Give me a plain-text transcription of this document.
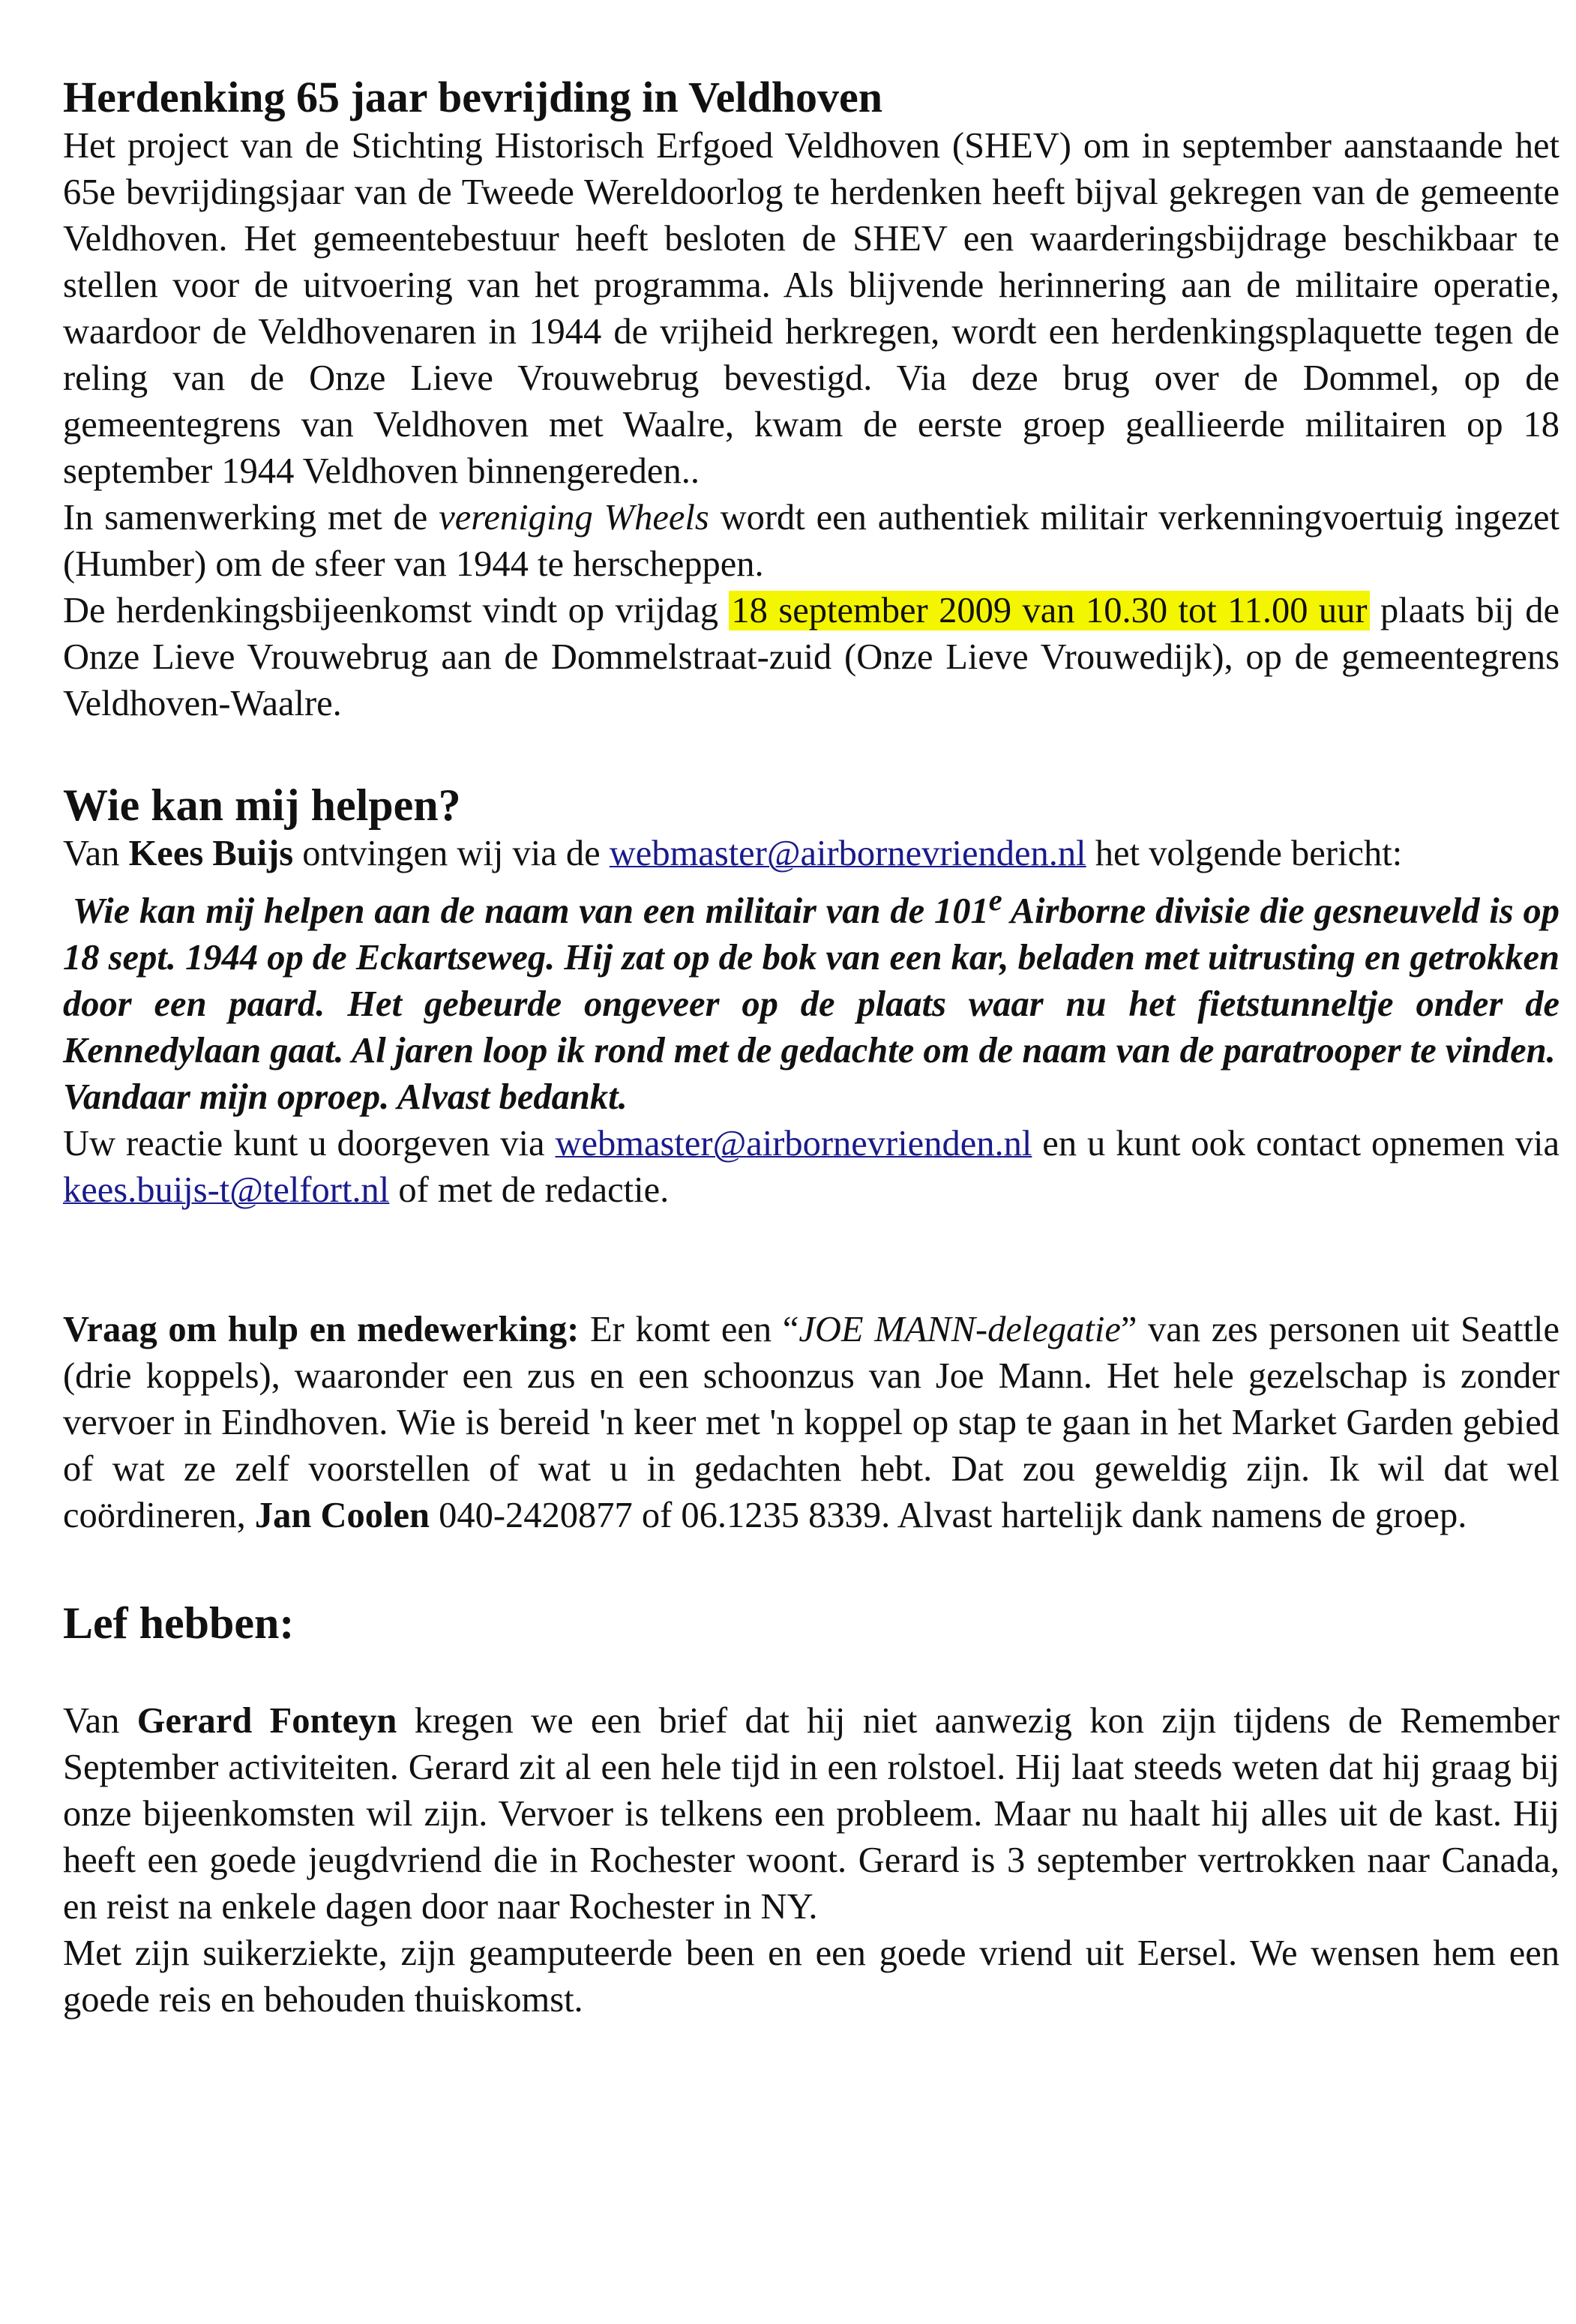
Herdenking 65 jaar bevrijding in Veldhoven

Het project van de Stichting Historisch Erfgoed Veldhoven (SHEV) om in september aanstaande het 65e bevrijdingsjaar van de Tweede Wereldoorlog te herdenken heeft bijval gekregen van de gemeente Veldhoven. Het gemeentebestuur heeft besloten de SHEV een waarderingsbijdrage beschikbaar te stellen voor de uitvoering van het programma. Als blijvende herinnering aan de militaire operatie, waardoor de Veldhovenaren in 1944 de vrijheid herkregen, wordt een herdenkingsplaquette tegen de reling van de Onze Lieve Vrouwebrug bevestigd. Via deze brug over de Dommel, op de gemeentegrens van Veldhoven met Waalre, kwam de eerste groep geallieerde militairen op 18 september 1944 Veldhoven binnengereden..

In samenwerking met de vereniging Wheels wordt een authentiek militair verkenningvoertuig ingezet (Humber) om de sfeer van 1944 te herscheppen.

De herdenkingsbijeenkomst vindt op vrijdag 18 september 2009 van 10.30 tot 11.00 uur plaats bij de Onze Lieve Vrouwebrug aan de Dommelstraat-zuid (Onze Lieve Vrouwedijk), op de gemeentegrens Veldhoven-Waalre.

Wie kan mij helpen?

Van Kees Buijs ontvingen wij via de webmaster@airbornevrienden.nl het volgende bericht:

Wie kan mij helpen aan de naam van een militair van de 101e Airborne divisie die gesneuveld is op 18 sept. 1944 op de Eckartseweg. Hij zat op de bok van een kar, beladen met uitrusting en getrokken door een paard. Het gebeurde ongeveer op de plaats waar nu het fietstunneltje onder de Kennedylaan gaat. Al jaren loop ik rond met de gedachte om de naam van de paratrooper te vinden.

Vandaar mijn oproep. Alvast bedankt.

Uw reactie kunt u doorgeven via webmaster@airbornevrienden.nl en u kunt ook contact opnemen via kees.buijs-t@telfort.nl of met de redactie.

Vraag om hulp en medewerking: Er komt een “JOE MANN-delegatie” van zes personen uit Seattle (drie koppels), waaronder een zus en een schoonzus van Joe Mann. Het hele gezelschap is zonder vervoer in Eindhoven. Wie is bereid 'n keer met 'n koppel op stap te gaan in het Market Garden gebied of wat ze zelf voorstellen of wat u in gedachten hebt. Dat zou geweldig zijn. Ik wil dat wel coördineren, Jan Coolen 040-2420877 of 06.1235 8339. Alvast hartelijk dank namens de groep.

Lef hebben:

Van Gerard Fonteyn kregen we een brief dat hij niet aanwezig kon zijn tijdens de Remember September activiteiten. Gerard zit al een hele tijd in een rolstoel. Hij laat steeds weten dat hij graag bij onze bijeenkomsten wil zijn. Vervoer is telkens een probleem. Maar nu haalt hij alles uit de kast. Hij heeft een goede jeugdvriend die in Rochester woont. Gerard is 3 september vertrokken naar Canada, en reist na enkele dagen door naar Rochester in NY.

Met zijn suikerziekte, zijn geamputeerde been en een goede vriend uit Eersel. We wensen hem een goede reis en behouden thuiskomst.
